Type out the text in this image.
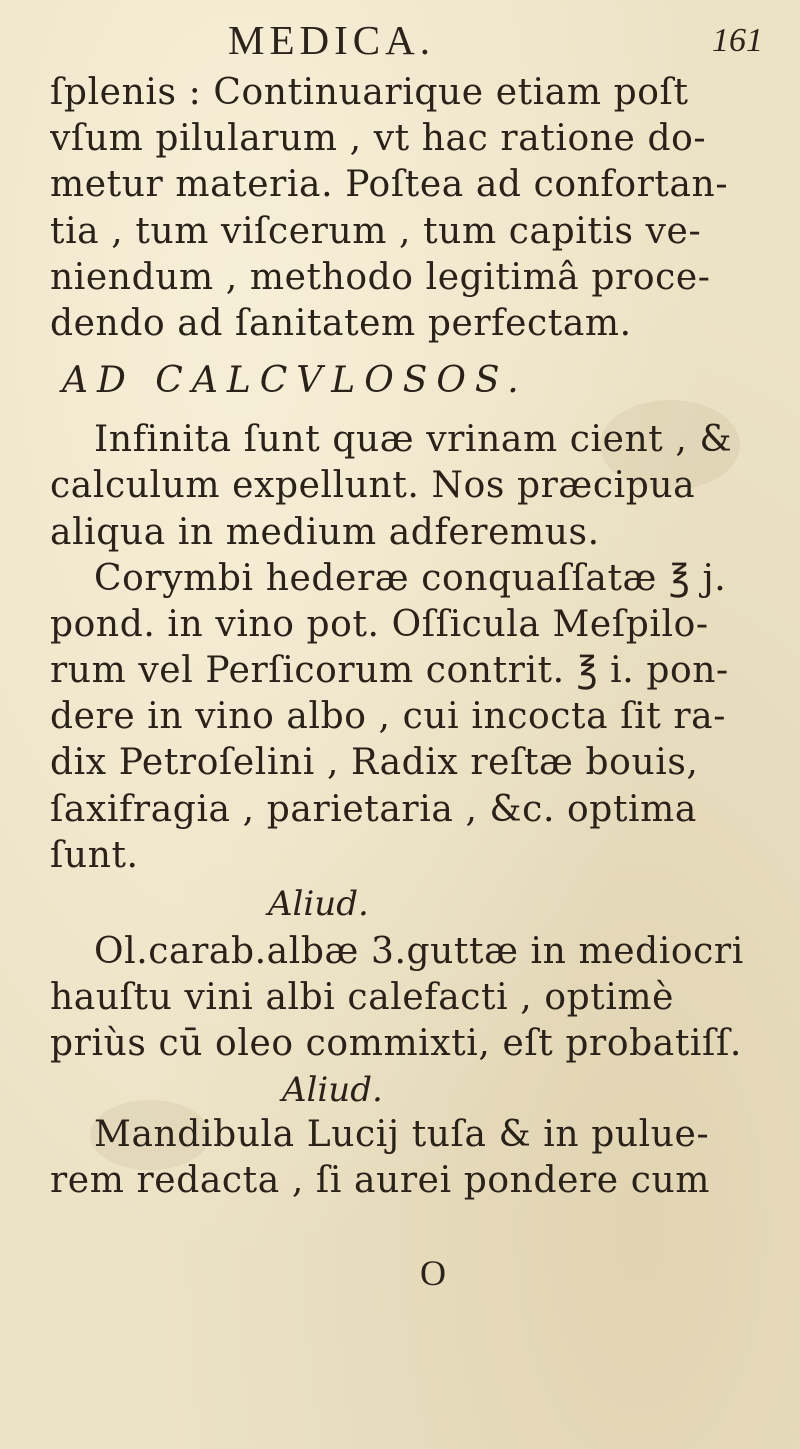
MEDICA.	161
ſplenis : Continuarique etiam poſt
vſum pilularum , vt hac ratione do-
metur materia. Poſtea ad confortan-
tia , tum viſcerum , tum capitis ve-
niendum , methodo legitimâ proce-
dendo ad ſanitatem perfectam.
AD CALCVLOSOS.
Infinita ſunt quæ vrinam cient , &
calculum expellunt. Nos præcipua
aliqua in medium adferemus.
Corymbi hederæ conquaſſatæ ℥ j.
pond. in vino pot. Oſſicula Meſpilo-
rum vel Perſicorum contrit. ℥ i. pon-
dere in vino albo , cui incocta ſit ra-
dix Petroſelini , Radix reſtæ bouis,
ſaxifragia , parietaria , &c. optima
ſunt.
Aliud.
Ol.carab.albæ 3.guttæ in mediocri
hauſtu vini albi calefacti , optimè
priùs cū oleo commixti, eſt probatiſſ.
Aliud.
Mandibula Lucij tuſa & in puluе-
rem redacta , ſi aurei pondere cum
O
